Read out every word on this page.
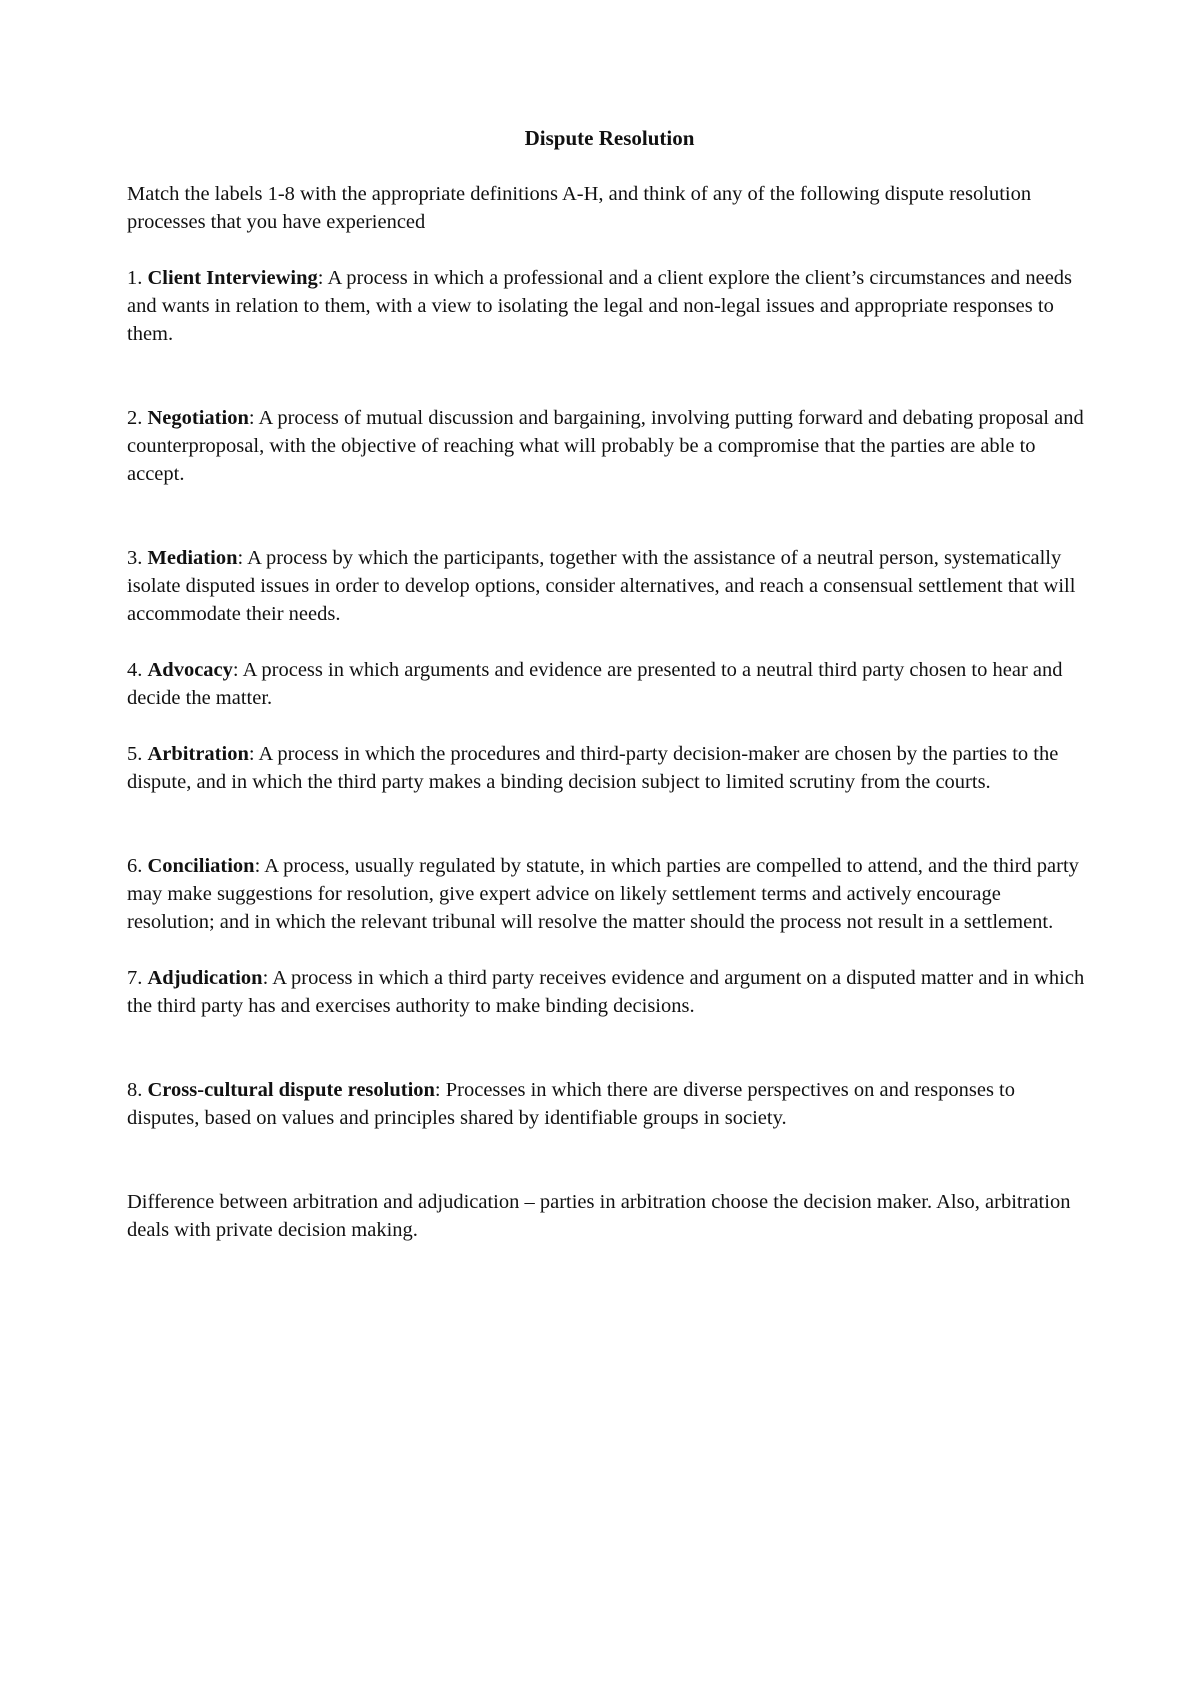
Dispute Resolution

Match the labels 1-8 with the appropriate definitions A-H, and think of any of the following dispute resolution processes that you have experienced

1. Client Interviewing: A process in which a professional and a client explore the client’s circumstances and needs and wants in relation to them, with a view to isolating the legal and non-legal issues and appropriate responses to them.

2. Negotiation: A process of mutual discussion and bargaining, involving putting forward and debating proposal and counterproposal, with the objective of reaching what will probably be a compromise that the parties are able to accept.

3. Mediation: A process by which the participants, together with the assistance of a neutral person, systematically isolate disputed issues in order to develop options, consider alternatives, and reach a consensual settlement that will accommodate their needs.

4. Advocacy: A process in which arguments and evidence are presented to a neutral third party chosen to hear and decide the matter.

5. Arbitration: A process in which the procedures and third-party decision-maker are chosen by the parties to the dispute, and in which the third party makes a binding decision subject to limited scrutiny from the courts.

6. Conciliation: A process, usually regulated by statute, in which parties are compelled to attend, and the third party may make suggestions for resolution, give expert advice on likely settlement terms and actively encourage resolution; and in which the relevant tribunal will resolve the matter should the process not result in a settlement.

7. Adjudication: A process in which a third party receives evidence and argument on a disputed matter and in which the third party has and exercises authority to make binding decisions.

8. Cross-cultural dispute resolution: Processes in which there are diverse perspectives on and responses to disputes, based on values and principles shared by identifiable groups in society.

Difference between arbitration and adjudication – parties in arbitration choose the decision maker. Also, arbitration deals with private decision making.
